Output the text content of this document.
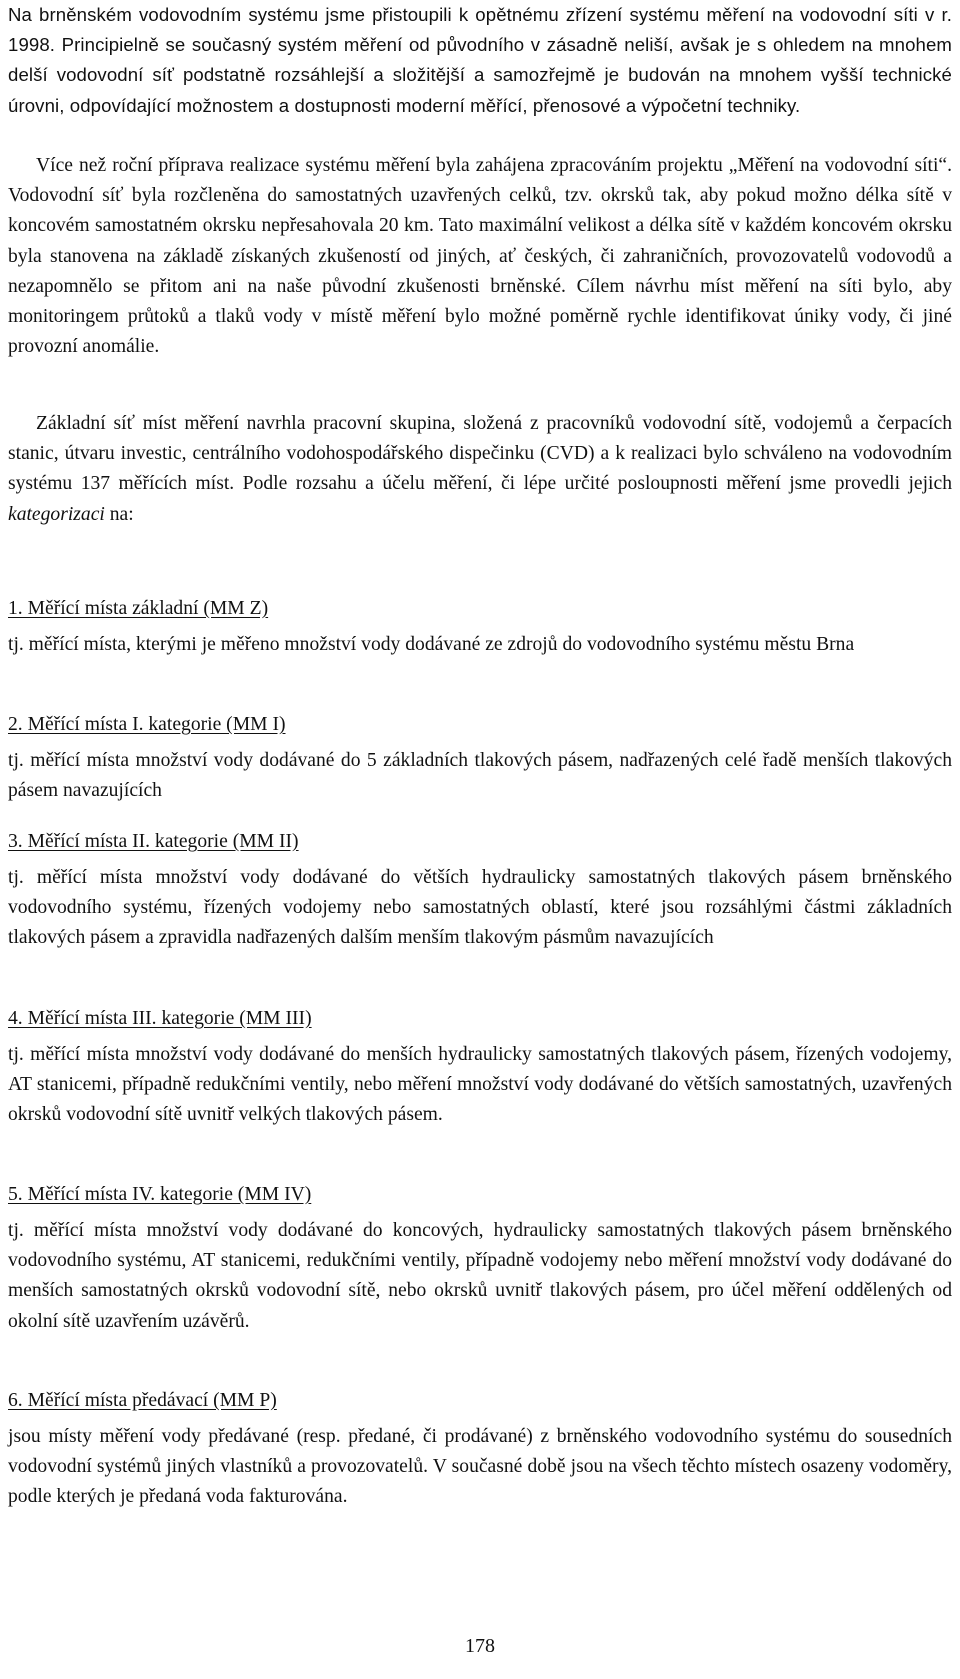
Na brněnském vodovodním systému jsme přistoupili k opětnému zřízení systému měření na vodovodní síti v r. 1998. Principielně se současný systém měření od původního v zásadně neliší, avšak je s ohledem na mnohem delší vodovodní síť podstatně rozsáhlejší a složitější a samozřejmě je budován na mnohem vyšší technické úrovni, odpovídající možnostem a dostupnosti moderní měřící, přenosové a výpočetní techniky.

Více než roční příprava realizace systému měření byla zahájena zpracováním projektu „Měření na vodovodní síti“. Vodovodní síť byla rozčleněna do samostatných uzavřených celků, tzv. okrsků tak, aby pokud možno délka sítě v koncovém samostatném okrsku nepřesahovala 20 km. Tato maximální velikost a délka sítě v každém koncovém okrsku byla stanovena na základě získaných zkušeností od jiných, ať českých, či zahraničních, provozovatelů vodovodů a nezapomnělo se přitom ani na naše původní zkušenosti brněnské. Cílem návrhu míst měření na síti bylo, aby monitoringem průtoků a tlaků vody v místě měření bylo možné poměrně rychle identifikovat úniky vody, či jiné provozní anomálie.

Základní síť míst měření navrhla pracovní skupina, složená z pracovníků vodovodní sítě, vodojemů a čerpacích stanic, útvaru investic, centrálního vodohospodářského dispečinku (CVD) a k realizaci bylo schváleno na vodovodním systému 137 měřících míst. Podle rozsahu a účelu měření, či lépe určité posloupnosti měření jsme provedli jejich kategorizaci na:

1. Měřící místa základní (MM Z)

tj. měřící místa, kterými je měřeno množství vody dodávané ze zdrojů do vodovodního systému městu Brna

2. Měřící místa I. kategorie (MM I)

tj. měřící místa množství vody dodávané do 5 základních tlakových pásem, nadřazených celé řadě menších tlakových pásem navazujících

3. Měřící místa II. kategorie (MM II)

tj. měřící místa množství vody dodávané do větších hydraulicky samostatných tlakových pásem brněnského vodovodního systému, řízených vodojemy nebo samostatných oblastí, které jsou rozsáhlými částmi základních tlakových pásem a zpravidla nadřazených dalším menším tlakovým pásmům navazujících

4. Měřící místa III. kategorie (MM III)

tj. měřící místa množství vody dodávané do menších hydraulicky samostatných tlakových pásem, řízených vodojemy, AT stanicemi, případně redukčními ventily, nebo měření množství vody dodávané do větších samostatných, uzavřených okrsků vodovodní sítě uvnitř velkých tlakových pásem.

5. Měřící místa IV. kategorie (MM IV)

tj. měřící místa množství vody dodávané do koncových, hydraulicky samostatných tlakových pásem brněnského vodovodního systému, AT stanicemi, redukčními ventily, případně vodojemy nebo měření množství vody dodávané do menších samostatných okrsků vodovodní sítě, nebo okrsků uvnitř tlakových pásem, pro účel měření oddělených od okolní sítě uzavřením uzávěrů.

6. Měřící místa předávací (MM P)

jsou místy měření vody předávané (resp. předané, či prodávané) z brněnského vodovodního systému do sousedních vodovodní systémů jiných vlastníků a provozovatelů. V současné době jsou na všech těchto místech osazeny vodoměry, podle kterých je předaná voda fakturována.

178
